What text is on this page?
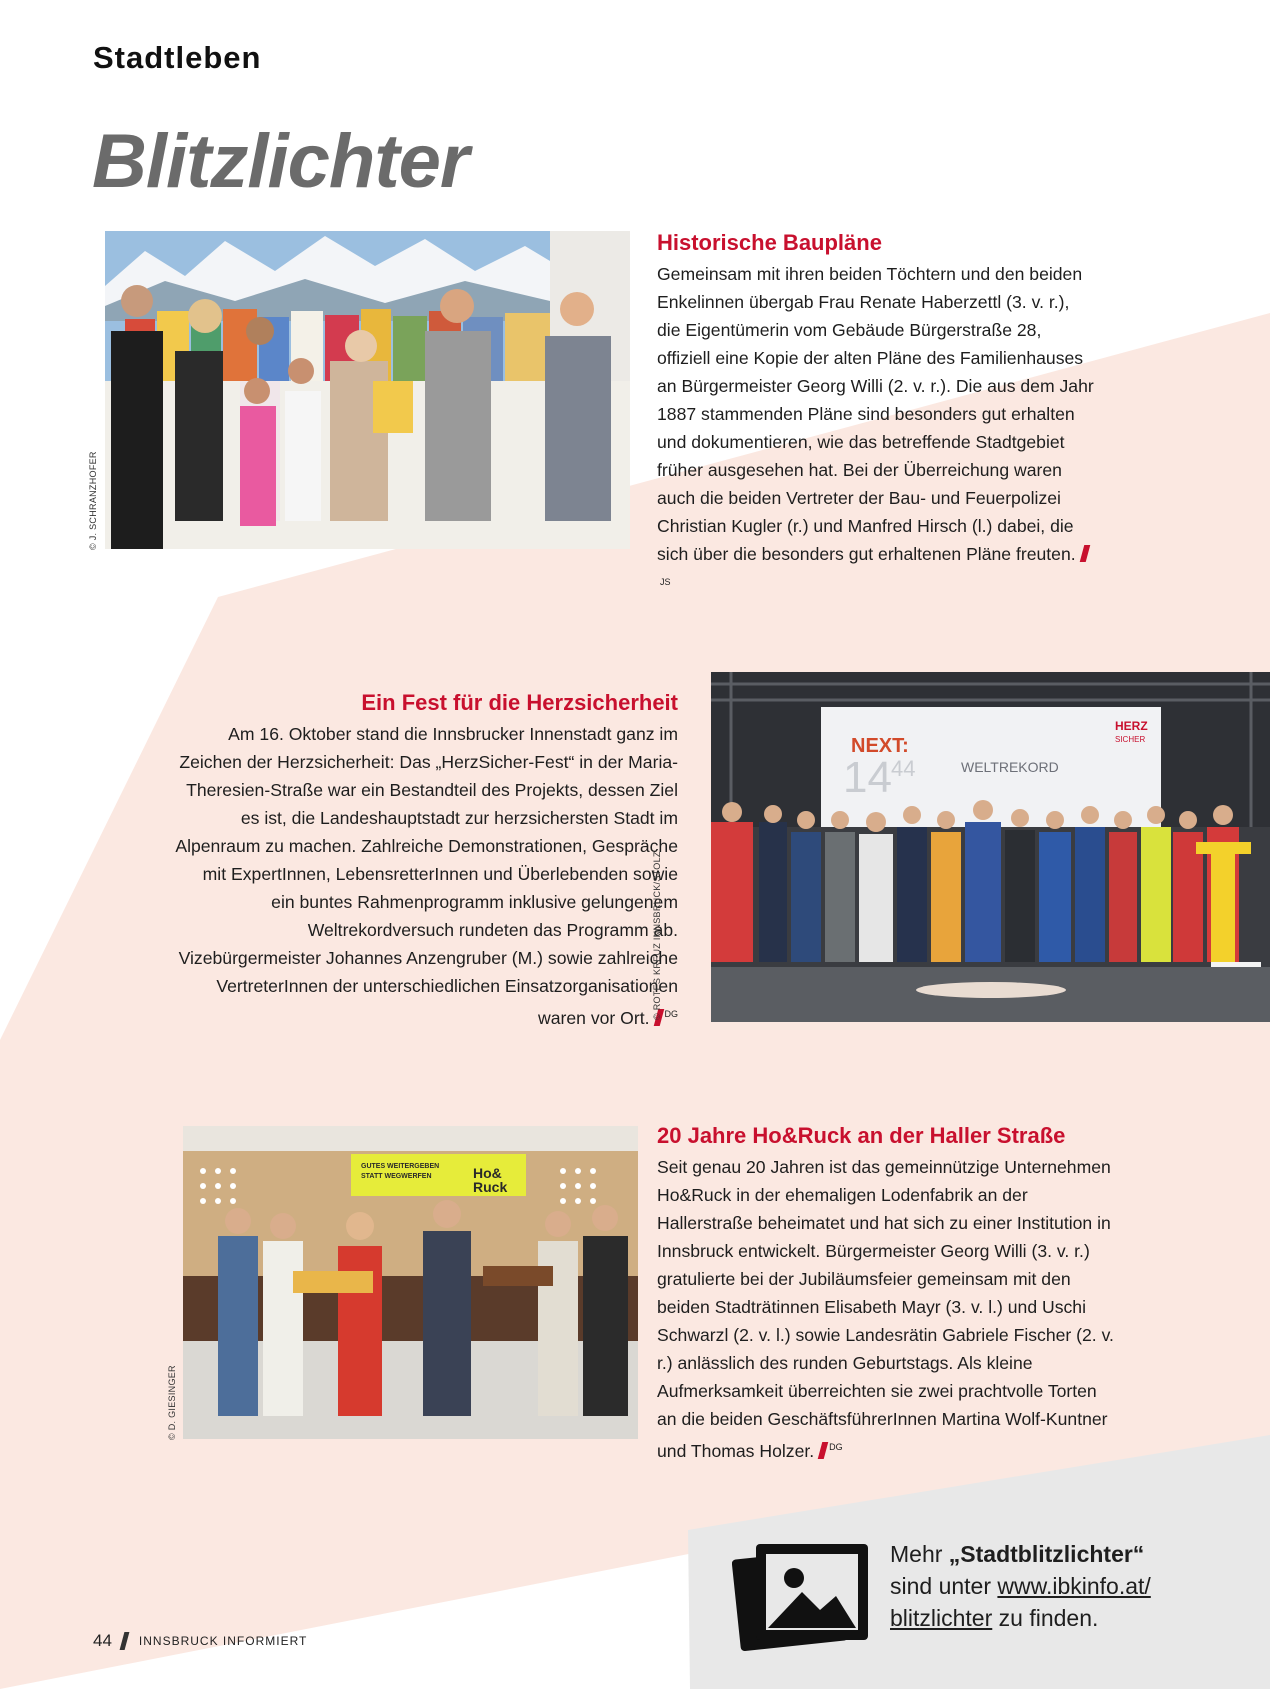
Stadtleben
Blitzlichter
© J. SCHRANZHOFER
Historische Baupläne

Gemeinsam mit ihren beiden Töchtern und den beiden Enkelinnen übergab Frau Renate Haberzettl (3. v. r.), die Eigentümerin vom Gebäude Bürgerstraße 28, offiziell eine Kopie der alten Pläne des Familienhauses an Bürgermeister Georg Willi (2. v. r.). Die aus dem Jahr 1887 stammenden Pläne sind besonders gut erhalten und dokumentieren, wie das betreffende Stadtgebiet früher ausgesehen hat. Bei der Überreichung waren auch die beiden Vertreter der Bau- und Feuerpolizei Christian Kugler (r.) und Manfred Hirsch (l.) dabei, die sich über die besonders gut erhaltenen Pläne freuten.$^{JS}$

Ein Fest für die Herzsicherheit

Am 16. Oktober stand die Innsbrucker Innenstadt ganz im Zeichen der Herzsicherheit: Das „HerzSicher-Fest“ in der Maria-Theresien-Straße war ein Bestandteil des Projekts, dessen Ziel es ist, die Landeshauptstadt zur herzsichersten Stadt im Alpenraum zu machen. Zahlreiche Demonstrationen, Gespräche mit ExpertInnen, LebensretterInnen und Überlebenden sowie ein buntes Rahmenprogramm inklusive gelungenem Weltrekordversuch rundeten das Programm ab. Vizebürgermeister Johannes Anzengruber (M.) sowie zahlreiche VertreterInnen der unterschiedlichen Einsatzorganisationen waren vor Ort. $^{DG}$

NEXT:
14 44	WELTREKORD
HERZ
SICHER
© ROTES KREUZ INNSBRUCK/STOLZ
GUTES WEITERGEBEN
STATT WEGWERFEN	Ho&
Ruck
© D. GIESINGER
20 Jahre Ho&Ruck an der Haller Straße

Seit genau 20 Jahren ist das gemeinnützige Unternehmen Ho&Ruck in der ehemaligen Lodenfabrik an der Hallerstraße beheimatet und hat sich zu einer Institution in Innsbruck entwickelt. Bürgermeister Georg Willi (3. v. r.) gratulierte bei der Jubiläumsfeier gemeinsam mit den beiden Stadträtinnen Elisabeth Mayr (3. v. l.) und Uschi Schwarzl (2. v. l.) sowie Landesrätin Gabriele Fischer (2. v. r.) anlässlich des runden Geburtstags. Als kleine Aufmerksamkeit überreichten sie zwei prachtvolle Torten an die beiden GeschäftsführerInnen Martina Wolf-Kuntner und Thomas Holzer. $^{DG}$

Mehr „Stadtblitzlichter“
sind unter www.ibkinfo.at/
blitzlichter zu finden.
44 INNSBRUCK INFORMIERT
